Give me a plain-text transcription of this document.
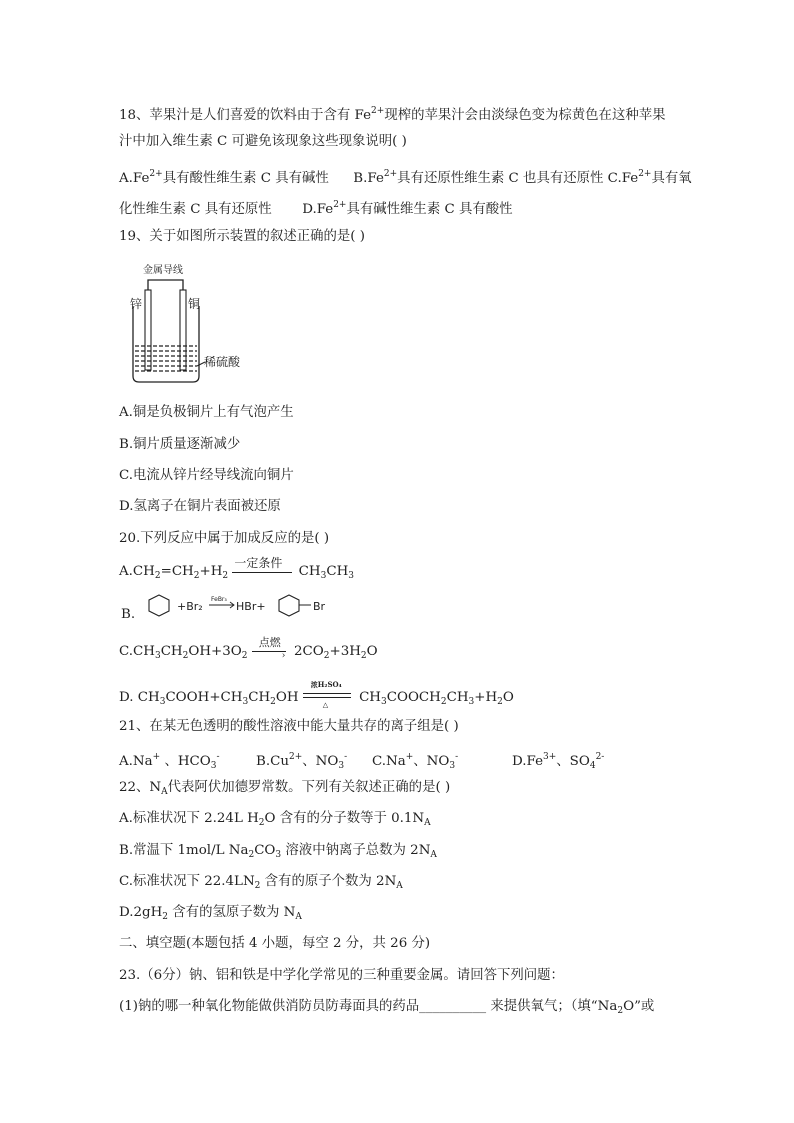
18、苹果汁是人们喜爱的饮料由于含有 $Fe^{2+}$现榨的苹果汁会由淡绿色变为棕黄色在这种苹果
汁中加入维生素 C 可避免该现象这些现象说明( )
$A.Fe^{2+}$具有酸性维生素 C 具有碱性 $B.Fe^{2+}$具有还原性维生素 C 也具有还原性 $C.Fe^{2+}$具有氧
化性维生素 C 具有还原性 $D.Fe^{2+}$具有碱性维生素 C 具有酸性
19、关于如图所示装置的叙述正确的是( )
金属导线
锌	铜
稀硫酸
A.铜是负极铜片上有气泡产生
B.铜片质量逐渐减少
C.电流从锌片经导线流向铜片
D.氢离子在铜片表面被还原
20.下列反应中属于加成反应的是( )
$A.CH_2=CH_2+H_2$
一定条件
$CH_3CH_3$
B.
+Br₂
FeBr₃
HBr+	Br
$C.CH_3CH_2OH+3O_2$
点燃
› $2CO_2+3H_2O$
D. $CH_3COOH+CH_3CH_2OH$
浓H₂SO₄
△ $CH_3COOCH_2CH_3+H_2O$
21、在某无色透明的酸性溶液中能大量共存的离子组是( )
A.Na+ 、$HCO_3^-$	$B.Cu^{2+}$、$NO_3^-$ C.Na+、$NO_3^-$	$D.Fe^{3+}$、$SO_4^{2-}$
22、$N_A$代表阿伏加德罗常数。下列有关叙述正确的是( )
A.标准状况下 2.24L $H_2O$ 含有的分子数等于 $0.1N_A$
B.常温下 1mol/L $Na_2CO_3$ 溶液中钠离子总数为 $2N_A$
C.标准状况下 $22.4LN_2$ 含有的原子个数为 $2N_A$
$D.2gH_2$ 含有的氢原子数为 $N_A$
二、填空题(本题包括 4 小题，每空 2 分，共 26 分)
23.（6分）钠、铝和铁是中学化学常见的三种重要金属。请回答下列问题：
(1)钠的哪一种氧化物能做供消防员防毒面具的药品__________ 来提供氧气；（填“$Na_2O$”或
